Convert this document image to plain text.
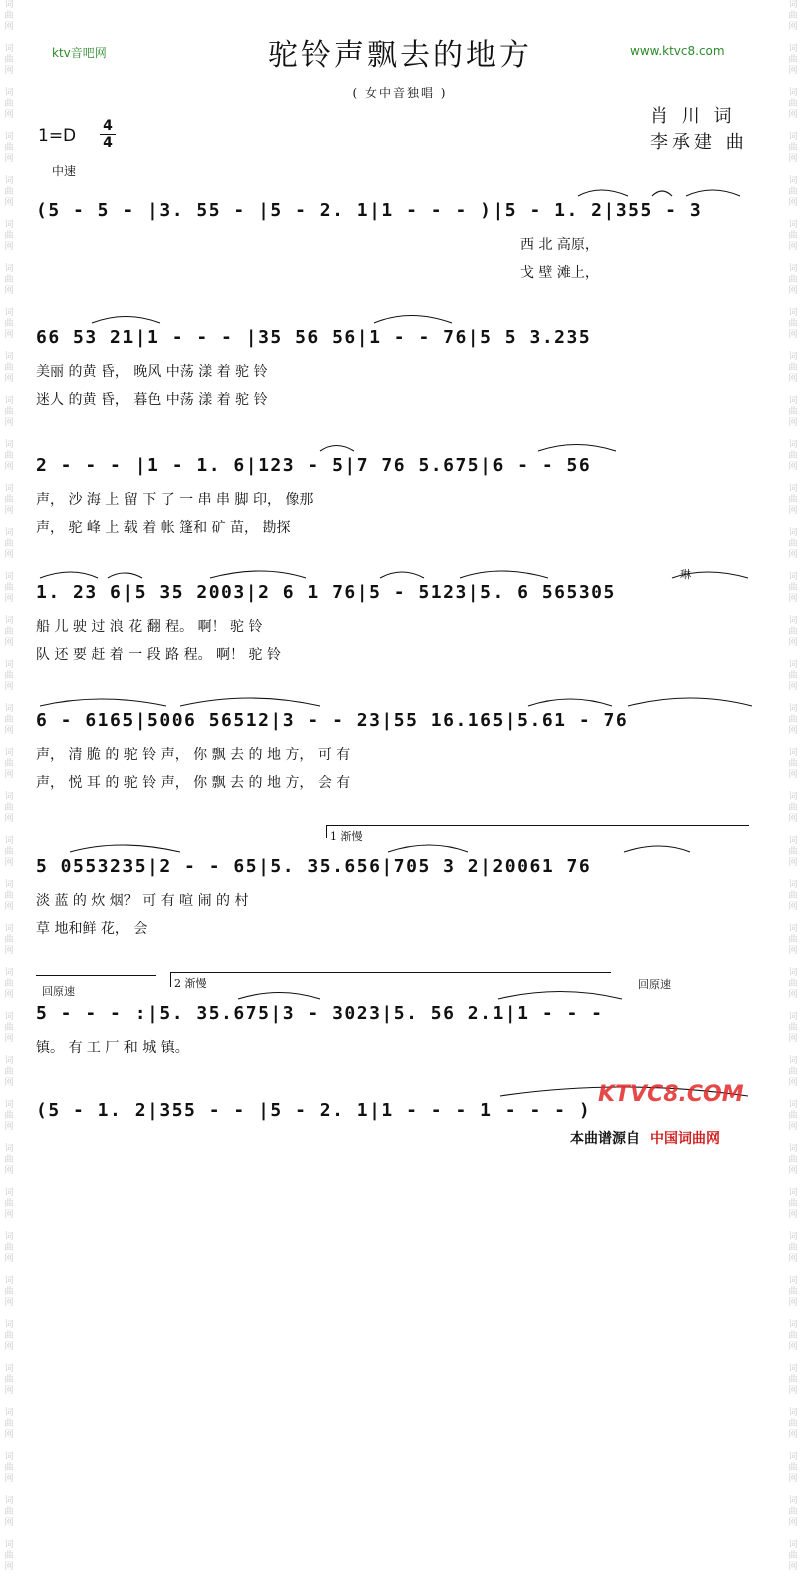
词
曲
网

词
曲
网

词
曲
网

词
曲
网

词
曲
网

词
曲
网

词
曲
网

词
曲
网

词
曲
网

词
曲
网

词
曲
网

词
曲
网

词
曲
网

词
曲
网

词
曲
网

词
曲
网

词
曲
网

词
曲
网

词
曲
网

词
曲
网

词
曲
网

词
曲
网

词
曲
网

词
曲
网

词
曲
网

词
曲
网

词
曲
网

词
曲
网

词
曲
网

词
曲
网

词
曲
网

词
曲
网

词
曲
网

词
曲
网

词
曲
网

词
曲
网

词
曲
网

词
曲
网

词
曲
网

词
曲
网

词
曲
网

词
曲
网

词
曲
网

词
曲
网

词
曲
网

词
曲
网

词
曲
网

词
曲
网

词
曲
网

词
曲
网

词
曲
网

词
曲
网

词
曲
网

词
曲
网

词
曲
网

词
曲
网

词
曲
网

词
曲
网

词
曲
网

词
曲
网

词
曲
网

词
曲
网

词
曲
网

词
曲
网

词
曲
网

词
曲
网

词
曲
网

词
曲
网

词
曲
网

词
曲
网

词
曲
网

词
曲
网

ktv音吧网	驼铃声飘去的地方	www.ktvc8.com
( 女中音独唱 )
肖 川 词
李承建 曲
1=D 4
4
中速
(5 - 5 - |3. 55 - |5 - 2. 1|1 - - - )|5 - 1. 2|355 - 3
西 北 高原，
戈 壁 滩上，
66 53 21|1 - - - |35 56 56|1 - - 76|5 5 3.235
美丽 的黄 昏， 晚风 中荡 漾 着 驼 铃
迷人 的黄 昏， 暮色 中荡 漾 着 驼 铃
2 - - - |1 - 1. 6|123 - 5|7 76 5.675|6 - - 56
声， 沙 海 上 留 下 了 一 串 串 脚 印， 像那
声， 驼 峰 上 载 着 帐 篷和 矿 苗， 勘探
1. 23 6|5 35 2003|2 6 1 76|5 - 5123|5. 6 565305
船 儿 驶 过 浪 花 翻 程。 啊！ 驼 铃
队 还 要 赶 着 一 段 路 程。 啊！ 驼 铃
6 - 6165|5006 56512|3 - - 23|55 16.165|5.61 - 76
声， 清 脆 的 驼 铃 声， 你 飘 去 的 地 方， 可 有
声， 悦 耳 的 驼 铃 声， 你 飘 去 的 地 方， 会 有
5 0553235|2 - - 65|5. 35.656|705 3 2|20061 76
淡 蓝 的 炊 烟？ 可 有 喧 闹 的 村
草 地和鲜 花， 会
5 - - - :|5. 35.675|3 - 3023|5. 56 2.1|1 - - -
镇。 有 工 厂 和 城 镇。
(5 - 1. 2|355 - - |5 - 2. 1|1 - - - 1 - - - )
1 渐慢
2 渐慢
回原速
回原速
琳
KTVC8.COM
本曲谱源自 中国词曲网
